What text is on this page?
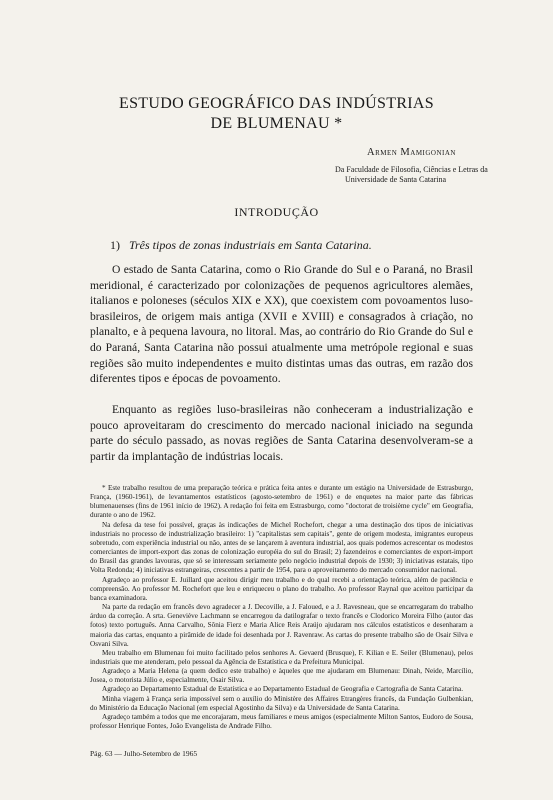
ESTUDO GEOGRÁFICO DAS INDÚSTRIAS
DE BLUMENAU *
Armen Mamigonian
Da Faculdade de Filosofia, Ciências e Letras da
Universidade de Santa Catarina
INTRODUÇÃO
1) Três tipos de zonas industriais em Santa Catarina.

O estado de Santa Catarina, como o Rio Grande do Sul e o Paraná, no Brasil meridional, é caracterizado por colonizações de pequenos agricultores alemães, italianos e poloneses (séculos XIX e XX), que coexistem com povoamentos luso-brasileiros, de origem mais antiga (XVII e XVIII) e consagrados à criação, no planalto, e à pequena lavoura, no litoral. Mas, ao contrário do Rio Grande do Sul e do Paraná, Santa Catarina não possui atualmente uma metrópole regional e suas regiões são muito independentes e muito distintas umas das outras, em razão dos diferentes tipos e épocas de povoamento.

Enquanto as regiões luso-brasileiras não conheceram a industrialização e pouco aproveitaram do crescimento do mercado nacional iniciado na segunda parte do século passado, as novas regiões de Santa Catarina desenvolveram-se a partir da implantação de indústrias locais.

* Este trabalho resultou de uma preparação teórica e prática feita antes e durante um estágio na Universidade de Estrasburgo, França, (1960-1961), de levantamentos estatísticos (agosto-setembro de 1961) e de enquetes na maior parte das fábricas blumenauenses (fins de 1961 início de 1962). A redação foi feita em Estrasburgo, como "doctorat de troisième cycle" em Geografia, durante o ano de 1962.

Na defesa da tese foi possível, graças às indicações de Michel Rochefort, chegar a uma destinação dos tipos de iniciativas industriais no processo de industrialização brasileiro: 1) "capitalistas sem capitais", gente de origem modesta, imigrantes europeus sobretudo, com experiência industrial ou não, antes de se lançarem à aventura industrial, aos quais podemos acrescentar os modestos comerciantes de import-export das zonas de colonização européia do sul do Brasil; 2) fazendeiros e comerciantes de export-import do Brasil das grandes lavouras, que só se interessam seriamente pelo negócio industrial depois de 1930; 3) iniciativas estatais, tipo Volta Redonda; 4) iniciativas estrangeiras, crescentes a partir de 1954, para o aproveitamento do mercado consumidor nacional.

Agradeço ao professor E. Juillard que aceitou dirigir meu trabalho e do qual recebi a orientação teórica, além de paciência e compreensão. Ao professor M. Rochefort que leu e enriqueceu o plano do trabalho. Ao professor Raynal que aceitou participar da banca examinadora.

Na parte da redação em francês devo agradecer a J. Decoville, a J. Faloued, e a J. Ravesneau, que se encarregaram do trabalho árduo da correção. A srta. Geneviève Lachmann se encarregou da datilografar o texto francês e Clodorico Moreira Filho (autor das fotos) texto português. Anna Carvalho, Sônia Fierz e Maria Alice Reis Araújo ajudaram nos cálculos estatísticos e desenharam a maioria das cartas, enquanto a pirâmide de idade foi desenhada por J. Ravenraw. As cartas do presente trabalho são de Osair Silva e Osvani Silva.

Meu trabalho em Blumenau foi muito facilitado pelos senhores A. Gevaerd (Brusque), F. Kilian e E. Seiler (Blumenau), pelos industriais que me atenderam, pelo pessoal da Agência de Estatística e da Prefeitura Municipal.

Agradeço a Maria Helena (a quem dedico este trabalho) e àqueles que me ajudaram em Blumenau: Dinah, Neide, Marcílio, Josea, o motorista Júlio e, especialmente, Osair Silva.

Agradeço ao Departamento Estadual de Estatística e ao Departamento Estadual de Geografia e Cartografia de Santa Catarina.

Minha viagem à França seria impossível sem o auxílio do Ministère des Affaires Etrangères francês, da Fundação Gulbenkian, do Ministério da Educação Nacional (em especial Agostinho da Silva) e da Universidade de Santa Catarina.

Agradeço também a todos que me encorajaram, meus familiares e meus amigos (especialmente Milton Santos, Eudoro de Sousa, professor Henrique Fontes, João Evangelista de Andrade Filho.

Pág. 63 — Julho-Setembro de 1965
